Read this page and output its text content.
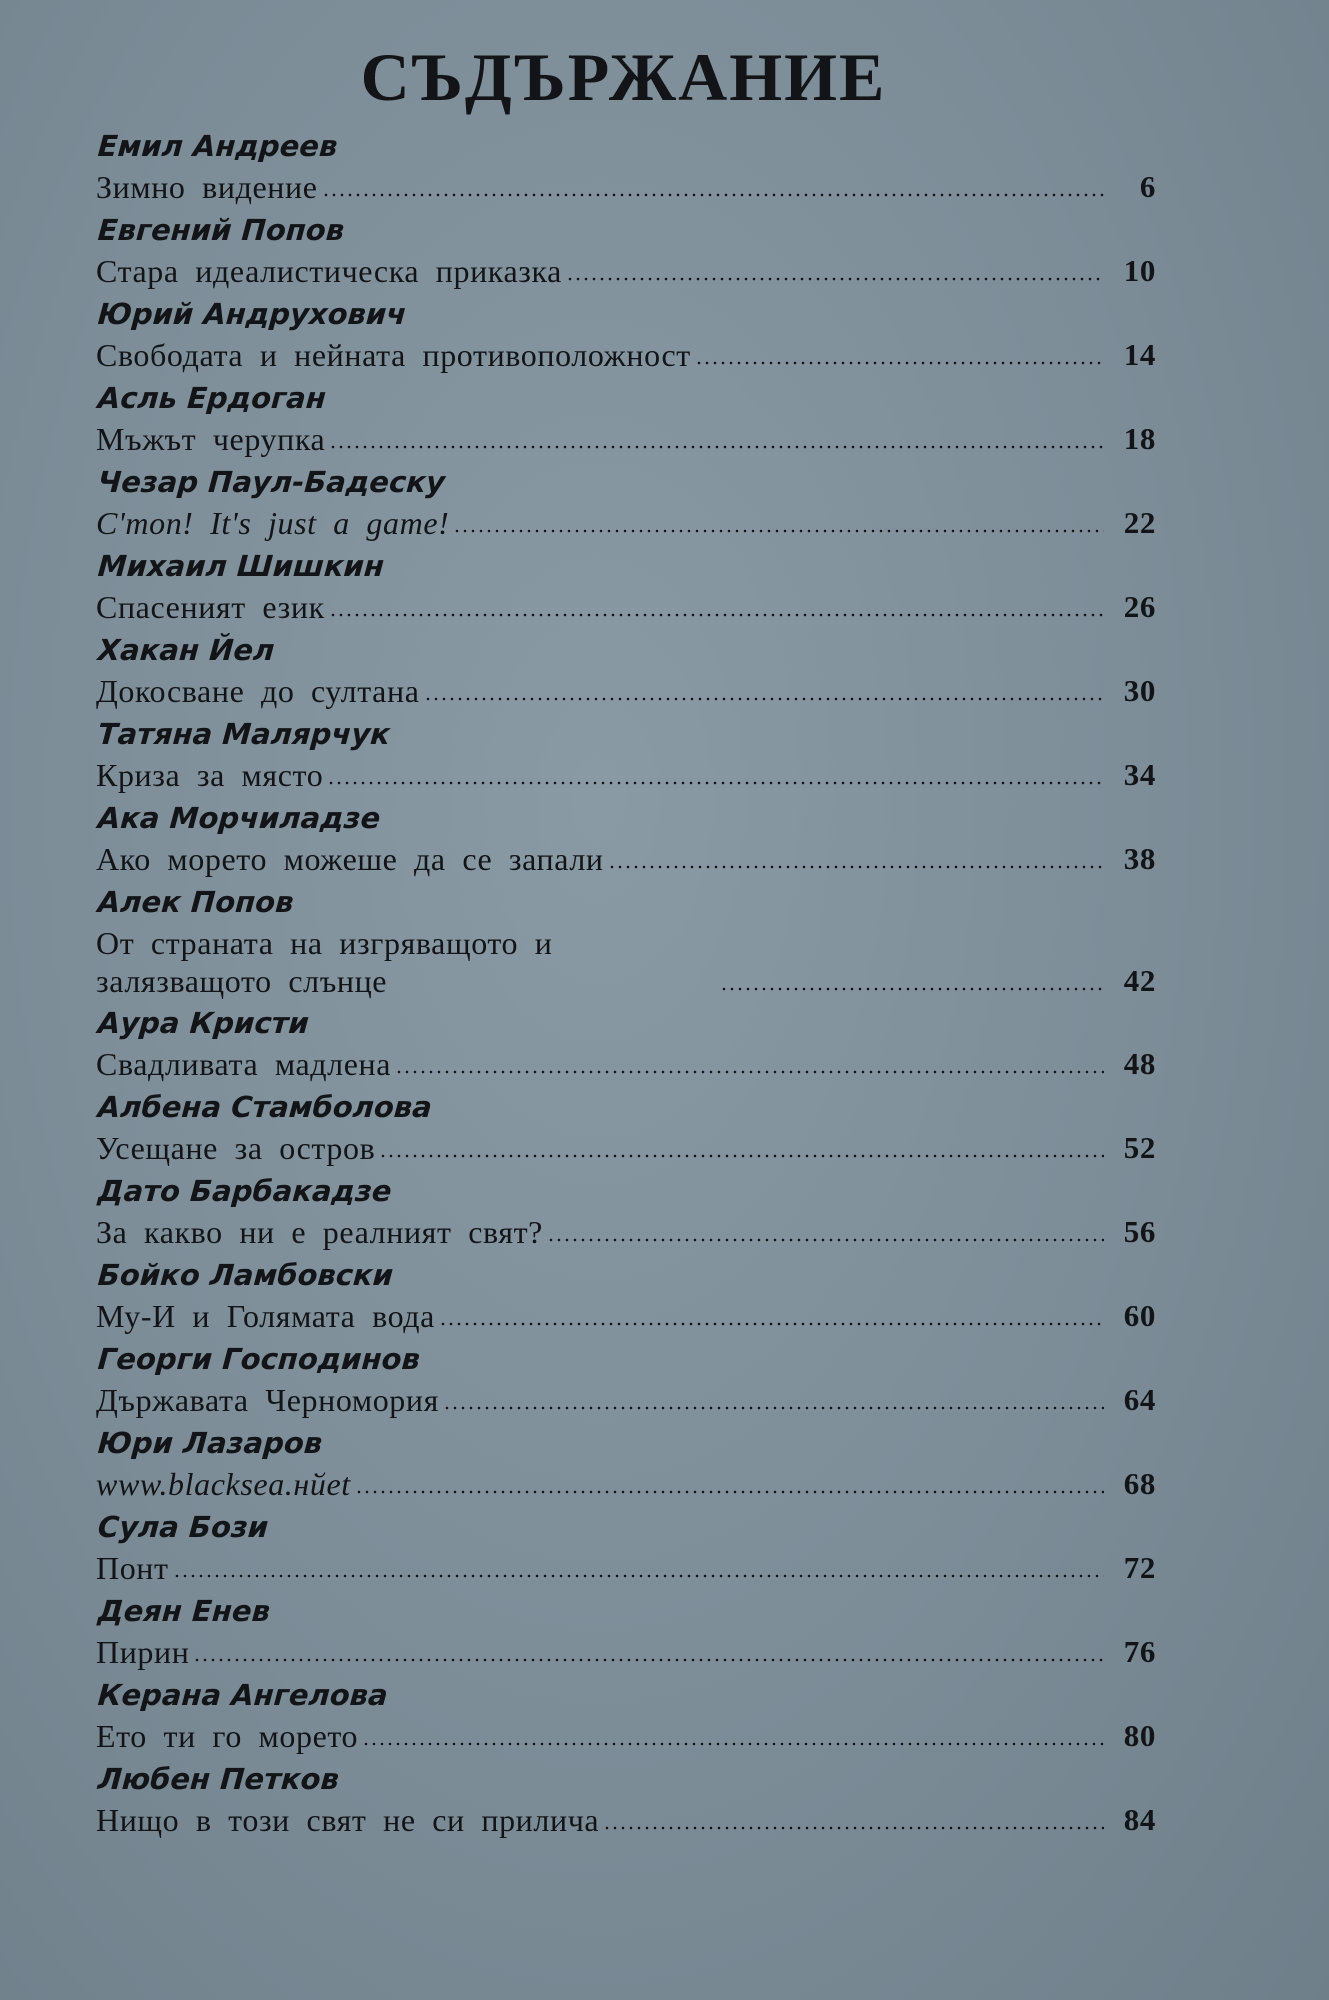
СЪДЪРЖАНИЕ
Емил Андреев
Зимно видение	6
Евгений Попов
Стара идеалистическа приказка	10
Юрий Андрухович
Свободата и нейната противоположност	14
Асль Ердоган
Мъжът черупка	18
Чезар Паул-Бадеску
C'mon! It's just a game!	22
Михаил Шишкин
Спасеният език	26
Хакан Йел
Докосване до султана	30
Татяна Малярчук
Криза за място	34
Ака Морчиладзе
Ако морето можеше да се запали	38
Алек Попов
От страната на изгряващото и залязващото слънце	42
Аура Кристи
Свадливата мадлена	48
Албена Стамболова
Усещане за остров	52
Дато Барбакадзе
За какво ни е реалният свят?	56
Бойко Ламбовски
Му-И и Голямата вода	60
Георги Господинов
Държавата Черномория	64
Юри Лазаров
www.blacksea.нйet	68
Сула Бози
Понт	72
Деян Енев
Пирин	76
Керана Ангелова
Ето ти го морето	80
Любен Петков
Нищо в този свят не си прилича	84
